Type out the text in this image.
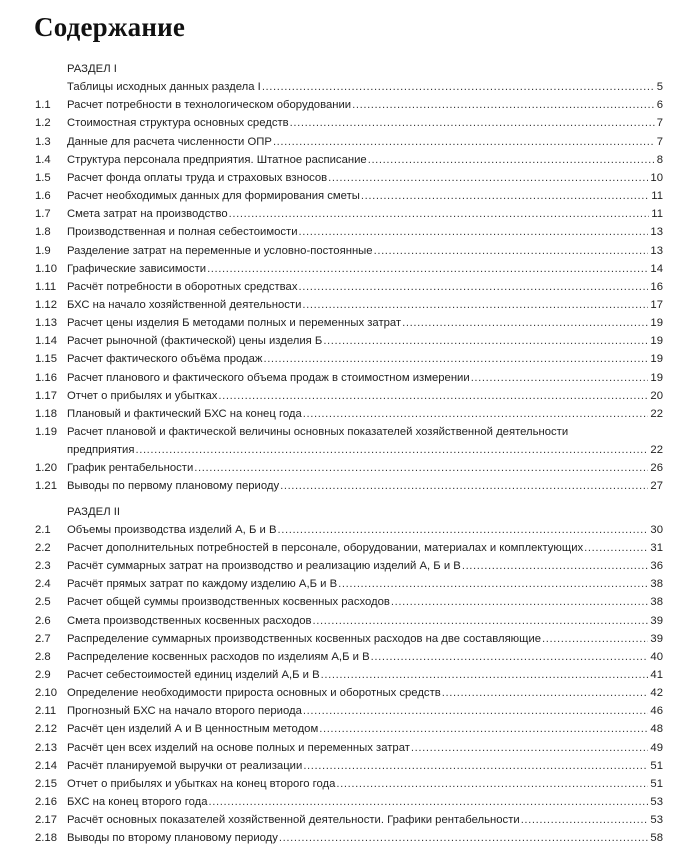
Содержание
РАЗДЕЛ I
Таблицы исходных данных раздела I .....	5
1.1 Расчет потребности в технологическом оборудовании .....	6
1.2 Стоимостная структура основных средств .....	7
1.3 Данные для расчета численности ОПР .....	7
1.4 Структура персонала предприятия. Штатное расписание .....	8
1.5 Расчет фонда оплаты труда и страховых взносов .....	10
1.6 Расчет необходимых данных для формирования сметы .....	11
1.7 Смета затрат на производство .....	11
1.8 Производственная и полная себестоимости .....	13
1.9 Разделение затрат на переменные и условно-постоянные .....	13
1.10 Графические зависимости .....	14
1.11 Расчёт потребности в оборотных средствах .....	16
1.12 БХС на начало хозяйственной деятельности .....	17
1.13 Расчет цены изделия Б методами полных и переменных затрат .....	19
1.14 Расчет рыночной (фактической) цены изделия Б .....	19
1.15 Расчет фактического объёма продаж .....	19
1.16 Расчет планового и фактического объема продаж в стоимостном измерении .....	19
1.17 Отчет о прибылях и убытках .....	20
1.18 Плановый и фактический БХС на конец года .....	22
1.19 Расчет плановой и фактической величины основных показателей хозяйственной деятельности
предприятия .....	22
1.20 График рентабельности .....	26
1.21 Выводы по первому плановому периоду .....	27
РАЗДЕЛ II
2.1 Объемы производства изделий А, Б и В .....	30
2.2 Расчет дополнительных потребностей в персонале, оборудовании, материалах и комплектующих .....	31
2.3 Расчёт суммарных затрат на производство и реализацию изделий А, Б и В .....	36
2.4 Расчёт прямых затрат по каждому изделию А,Б и В .....	38
2.5 Расчет общей суммы производственных косвенных расходов .....	38
2.6 Смета производственных косвенных расходов .....	39
2.7 Распределение суммарных производственных косвенных расходов на две составляющие .....	39
2.8 Распределение косвенных расходов по изделиям А,Б и В .....	40
2.9 Расчет себестоимостей единиц изделий А,Б и В .....	41
2.10 Определение необходимости прироста основных и оборотных средств .....	42
2.11 Прогнозный БХС на начало второго периода .....	46
2.12 Расчёт цен изделий А и В ценностным методом .....	48
2.13 Расчёт цен всех изделий на основе полных и переменных затрат .....	49
2.14 Расчёт планируемой выручки от реализации .....	51
2.15 Отчет о прибылях и убытках на конец второго года .....	51
2.16 БХС на конец второго года .....	53
2.17 Расчёт основных показателей хозяйственной деятельности. Графики рентабельности .....	53
2.18 Выводы по второму плановому периоду .....	58
